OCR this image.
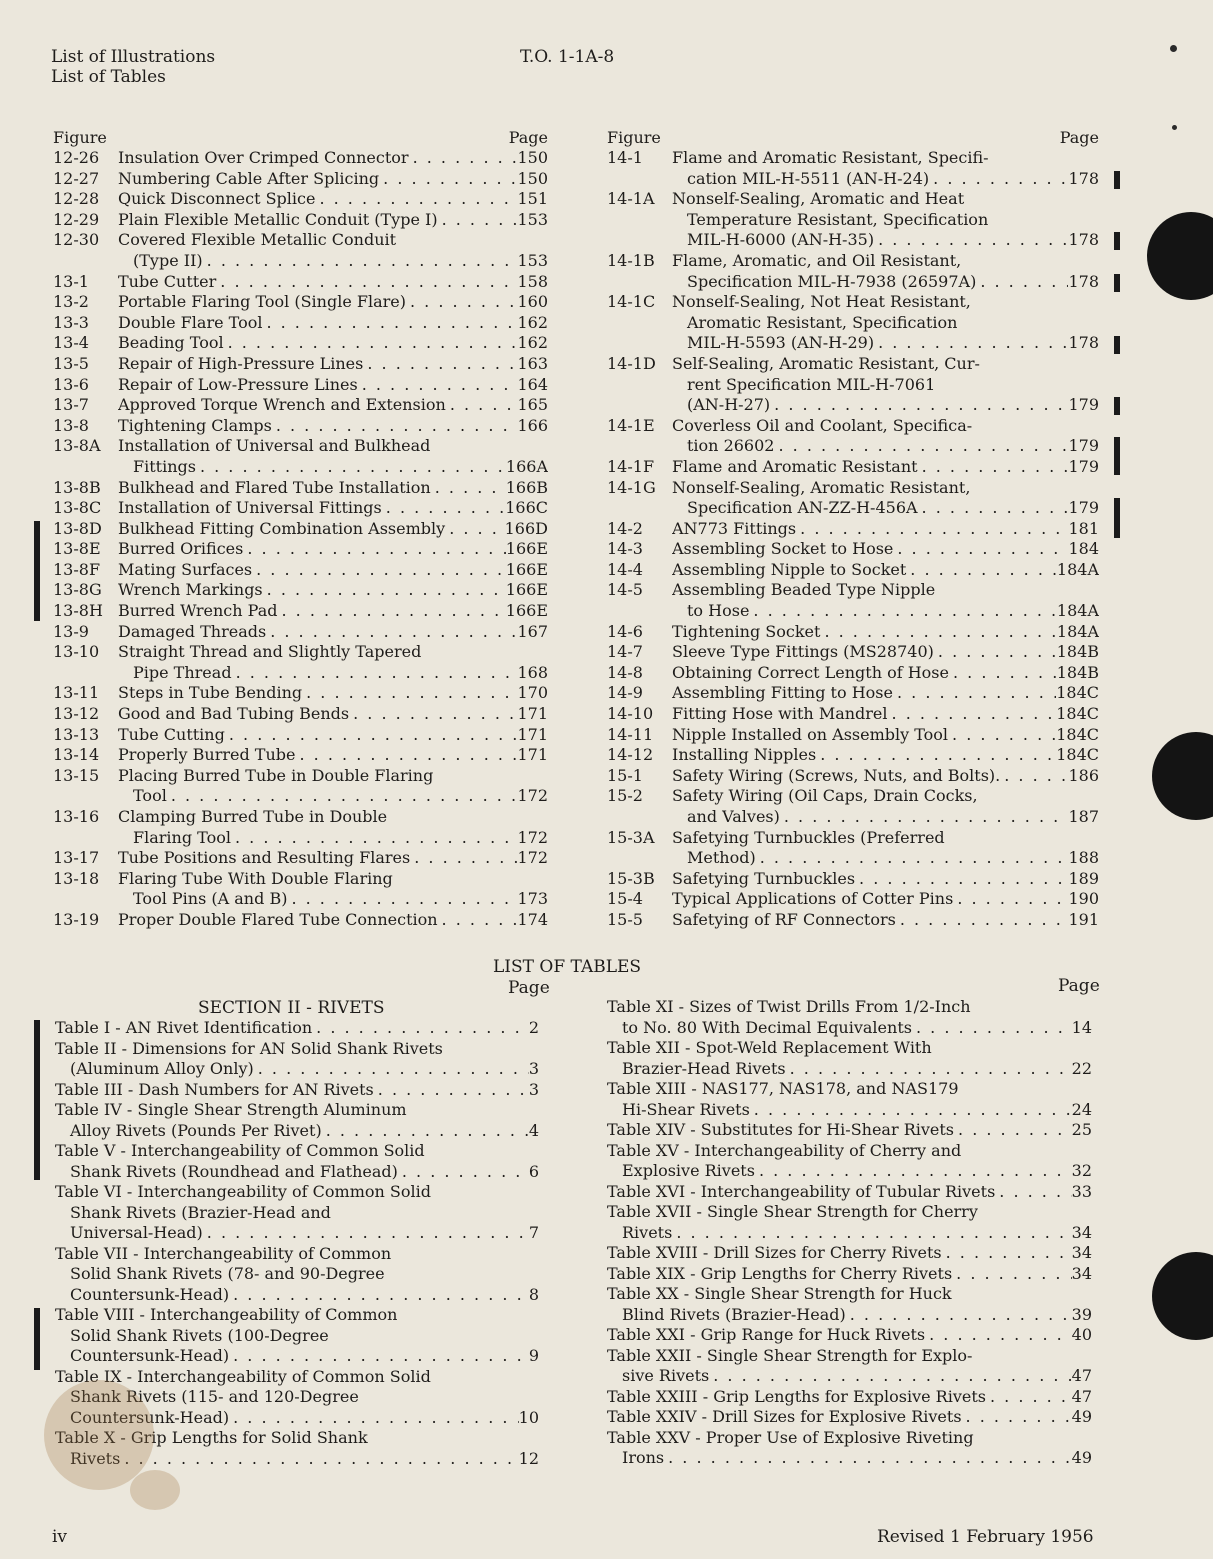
List of Illustrations
List of Tables
T.O. 1-1A-8
Figure	Page
12-26	Insulation Over Crimped Connector . . .	150
12-27	Numbering Cable After Splicing . . .	150
12-28	Quick Disconnect Splice . . .	151
12-29	Plain Flexible Metallic Conduit (Type I) . . .	153
12-30	Covered Flexible Metallic Conduit
(Type II) . . .	153
13-1	Tube Cutter . . .	158
13-2	Portable Flaring Tool (Single Flare) . . .	160
13-3	Double Flare Tool . . .	162
13-4	Beading Tool . . .	162
13-5	Repair of High-Pressure Lines . . .	163
13-6	Repair of Low-Pressure Lines . . .	164
13-7	Approved Torque Wrench and Extension . . .	165
13-8	Tightening Clamps . . .	166
13-8A	Installation of Universal and Bulkhead
Fittings . . .	166A
13-8B	Bulkhead and Flared Tube Installation . . .	166B
13-8C	Installation of Universal Fittings . . .	166C
13-8D	Bulkhead Fitting Combination Assembly . . .	166D
13-8E	Burred Orifices . . .	166E
13-8F	Mating Surfaces . . .	166E
13-8G	Wrench Markings . . .	166E
13-8H Burred Wrench Pad . . .	166E
13-9	Damaged Threads . . .	167
13-10	Straight Thread and Slightly Tapered
Pipe Thread . . .	168
13-11	Steps in Tube Bending . . .	170
13-12	Good and Bad Tubing Bends . . .	171
13-13	Tube Cutting . . .	171
13-14	Properly Burred Tube . . .	171
13-15	Placing Burred Tube in Double Flaring
Tool . . .	172
13-16	Clamping Burred Tube in Double
Flaring Tool . . .	172
13-17	Tube Positions and Resulting Flares . . .	172
13-18	Flaring Tube With Double Flaring
Tool Pins (A and B) . . .	173
13-19	Proper Double Flared Tube Connection . . .	174
Figure	Page
14-1	Flame and Aromatic Resistant, Specifi-
cation MIL-H-5511 (AN-H-24) . . .	178
14-1A	Nonself-Sealing, Aromatic and Heat
Temperature Resistant, Specification
MIL-H-6000 (AN-H-35) . . .	178
14-1B	Flame, Aromatic, and Oil Resistant,
Specification MIL-H-7938 (26597A) . . .	178
14-1C	Nonself-Sealing, Not Heat Resistant,
Aromatic Resistant, Specification
MIL-H-5593 (AN-H-29) . . .	178
14-1D	Self-Sealing, Aromatic Resistant, Cur-
rent Specification MIL-H-7061
(AN-H-27) . . .	179
14-1E	Coverless Oil and Coolant, Specifica-
tion 26602 . . .	179
14-1F	Flame and Aromatic Resistant . . .	179
14-1G	Nonself-Sealing, Aromatic Resistant,
Specification AN-ZZ-H-456A . . .	179
14-2	AN773 Fittings . . .	181
14-3	Assembling Socket to Hose . . .	184
14-4	Assembling Nipple to Socket . . .	184A
14-5	Assembling Beaded Type Nipple
to Hose . . .	184A
14-6	Tightening Socket . . .	184A
14-7	Sleeve Type Fittings (MS28740) . . .	184B
14-8	Obtaining Correct Length of Hose . . .	184B
14-9	Assembling Fitting to Hose . . .	184C
14-10	Fitting Hose with Mandrel . . .	184C
14-11	Nipple Installed on Assembly Tool . . .	184C
14-12	Installing Nipples . . .	184C
15-1	Safety Wiring (Screws, Nuts, and Bolts). . . .	186
15-2	Safety Wiring (Oil Caps, Drain Cocks,
and Valves) . . .	187
15-3A	Safetying Turnbuckles (Preferred
Method) . . .	188
15-3B	Safetying Turnbuckles . . .	189
15-4	Typical Applications of Cotter Pins . . .	190
15-5	Safetying of RF Connectors . . .	191
LIST OF TABLES
Page	Page
SECTION II - RIVETS
Table I - AN Rivet Identification . . .	2
Table II - Dimensions for AN Solid Shank Rivets
(Aluminum Alloy Only) . . .	3
Table III - Dash Numbers for AN Rivets . . .	3
Table IV - Single Shear Strength Aluminum
Alloy Rivets (Pounds Per Rivet) . . .	4
Table V - Interchangeability of Common Solid
Shank Rivets (Roundhead and Flathead) . . .	6
Table VI - Interchangeability of Common Solid
Shank Rivets (Brazier-Head and
Universal-Head) . . .	7
Table VII - Interchangeability of Common
Solid Shank Rivets (78- and 90-Degree
Countersunk-Head) . . .	8
Table VIII - Interchangeability of Common
Solid Shank Rivets (100-Degree
Countersunk-Head) . . .	9
Table IX - Interchangeability of Common Solid
Shank Rivets (115- and 120-Degree
Countersunk-Head) . . .	10
Table X - Grip Lengths for Solid Shank
Rivets . . .	12
Table XI - Sizes of Twist Drills From 1/2-Inch
to No. 80 With Decimal Equivalents . . .	14
Table XII - Spot-Weld Replacement With
Brazier-Head Rivets . . .	22
Table XIII - NAS177, NAS178, and NAS179
Hi-Shear Rivets . . .	24
Table XIV - Substitutes for Hi-Shear Rivets . . .	25
Table XV - Interchangeability of Cherry and
Explosive Rivets . . .	32
Table XVI - Interchangeability of Tubular Rivets . . .	33
Table XVII - Single Shear Strength for Cherry
Rivets . . .	34
Table XVIII - Drill Sizes for Cherry Rivets . . .	34
Table XIX - Grip Lengths for Cherry Rivets . . .	34
Table XX - Single Shear Strength for Huck
Blind Rivets (Brazier-Head) . . .	39
Table XXI - Grip Range for Huck Rivets . . .	40
Table XXII - Single Shear Strength for Explo-
sive Rivets . . .	47
Table XXIII - Grip Lengths for Explosive Rivets . . .	47
Table XXIV - Drill Sizes for Explosive Rivets . . .	49
Table XXV - Proper Use of Explosive Riveting
Irons . . .	49
iv	Revised 1 February 1956
